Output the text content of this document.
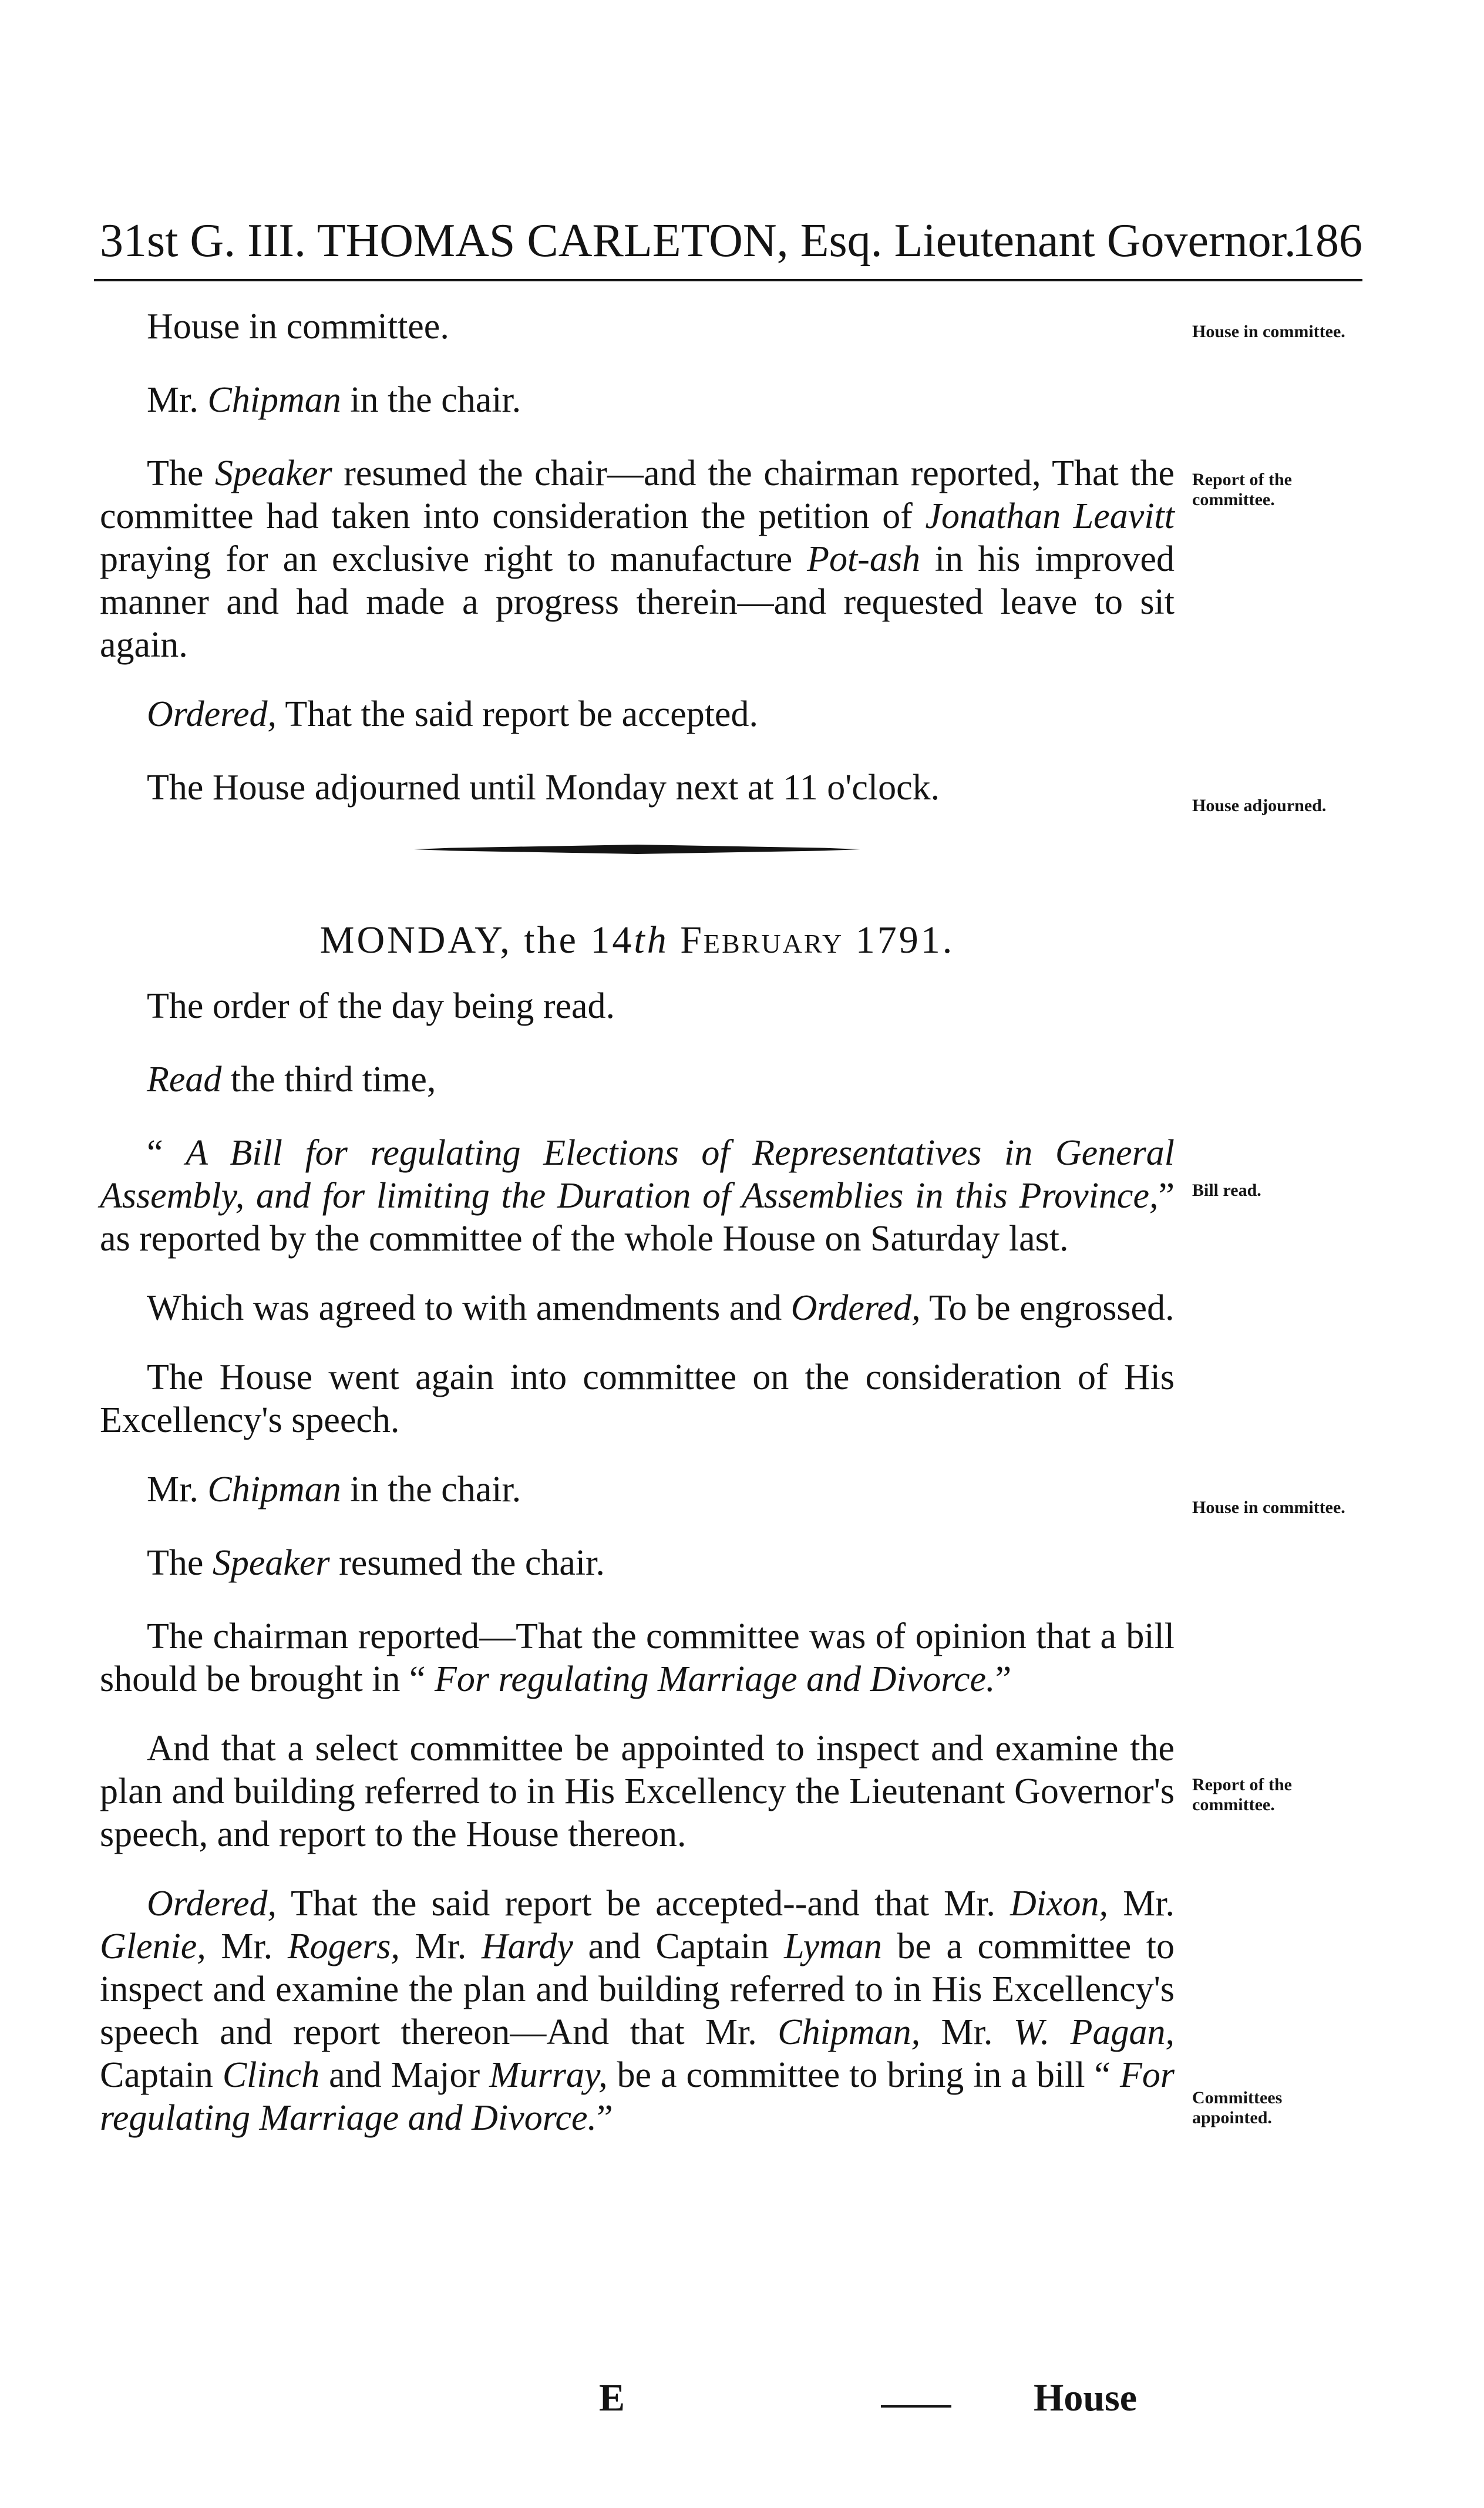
31st G. III. THOMAS CARLETON, Esq. Lieutenant Governor.
186

House in committee.

Mr. Chipman in the chair.

The Speaker resumed the chair—and the chairman reported, That the committee had taken into consideration the petition of Jonathan Leavitt praying for an exclusive right to manufacture Pot-ash in his improved manner and had made a progress therein—and requested leave to sit again.

Ordered, That the said report be accepted.

The House adjourned until Monday next at 11 o'clock.

MONDAY, the 14th February 1791.

The order of the day being read.

Read the third time,

“ A Bill for regulating Elections of Representatives in General Assembly, and for limiting the Duration of Assemblies in this Province,” as reported by the committee of the whole House on Saturday last.

Which was agreed to with amendments and Ordered, To be engrossed.

The House went again into committee on the consideration of His Excellency's speech.

Mr. Chipman in the chair.

The Speaker resumed the chair.

The chairman reported—That the committee was of opinion that a bill should be brought in “ For regulating Marriage and Divorce.”

And that a select committee be appointed to inspect and examine the plan and building referred to in His Excellency the Lieutenant Governor's speech, and report to the House thereon.

Ordered, That the said report be accepted--and that Mr. Dixon, Mr. Glenie, Mr. Rogers, Mr. Hardy and Captain Lyman be a committee to inspect and examine the plan and building referred to in His Excellency's speech and report thereon—And that Mr. Chipman, Mr. W. Pagan, Captain Clinch and Major Murray, be a committee to bring in a bill “ For regulating Marriage and Divorce.”

House in committee.
Report of the committee.
House adjourned.
Bill read.
House in committee.
Report of the committee.
Committees appointed.
E	House
